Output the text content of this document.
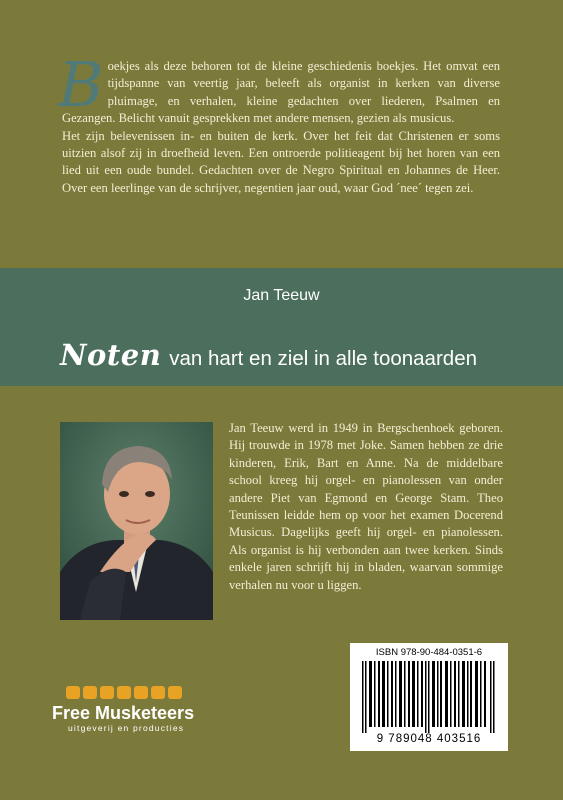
Boekjes als deze behoren tot de kleine geschiedenis boekjes. Het omvat een tijdspanne van veertig jaar, beleeft als organist in kerken van diverse pluimage, en verhalen, kleine gedachten over liederen, Psalmen en Gezangen. Belicht vanuit gesprekken met andere mensen, gezien als musicus.

Het zijn belevenissen in- en buiten de kerk. Over het feit dat Christenen er soms uitzien alsof zij in droefheid leven. Een ontroerde politieagent bij het horen van een lied uit een oude bundel. Gedachten over de Negro Spiritual en Johannes de Heer. Over een leerlinge van de schrijver, negentien jaar oud, waar God ´nee´ tegen zei.

Jan Teeuw
Noten van hart en ziel in alle toonaarden

Jan Teeuw werd in 1949 in Bergschenhoek geboren. Hij trouwde in 1978 met Joke. Samen hebben ze drie kinderen, Erik, Bart en Anne. Na de middelbare school kreeg hij orgel- en pianolessen van onder andere Piet van Egmond en George Stam. Theo Teunissen leidde hem op voor het examen Docerend Musicus. Dagelijks geeft hij orgel- en pianolessen. Als organist is hij verbonden aan twee kerken. Sinds enkele jaren schrijft hij in bladen, waarvan sommige verhalen nu voor u liggen.

ISBN 978-90-484-0351-6
9 789048 403516
Free Musketeers
uitgeverij en producties
